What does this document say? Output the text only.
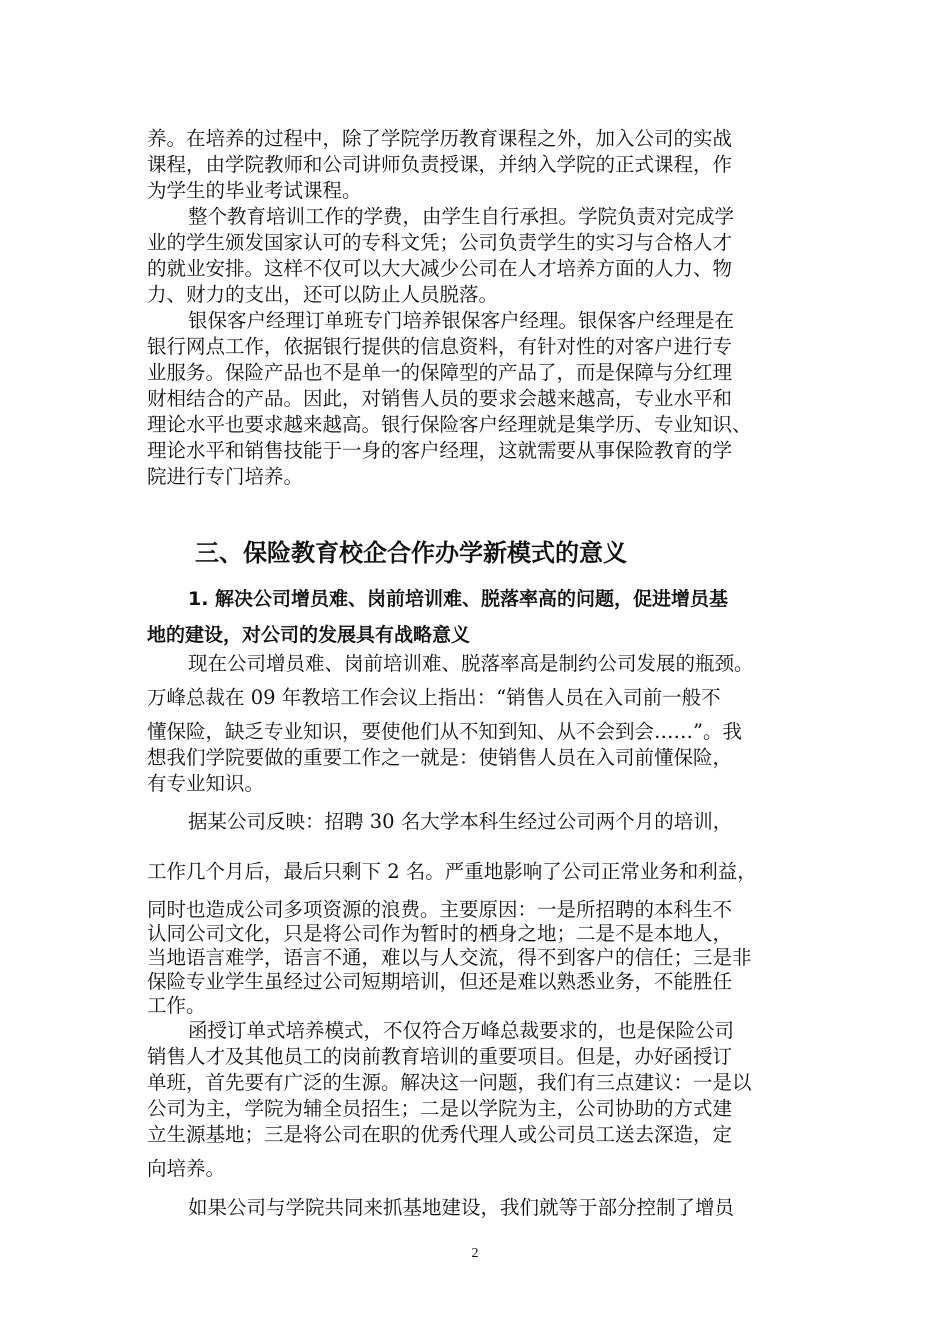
养。在培养的过程中，除了学院学历教育课程之外，加入公司的实战
课程，由学院教师和公司讲师负责授课，并纳入学院的正式课程，作
为学生的毕业考试课程。
整个教育培训工作的学费，由学生自行承担。学院负责对完成学
业的学生颁发国家认可的专科文凭；公司负责学生的实习与合格人才
的就业安排。这样不仅可以大大减少公司在人才培养方面的人力、物
力、财力的支出，还可以防止人员脱落。
银保客户经理订单班专门培养银保客户经理。银保客户经理是在
银行网点工作，依据银行提供的信息资料，有针对性的对客户进行专
业服务。保险产品也不是单一的保障型的产品了，而是保障与分红理
财相结合的产品。因此，对销售人员的要求会越来越高，专业水平和
理论水平也要求越来越高。银行保险客户经理就是集学历、专业知识、
理论水平和销售技能于一身的客户经理，这就需要从事保险教育的学
院进行专门培养。
三、保险教育校企合作办学新模式的意义
1. 解决公司增员难、岗前培训难、脱落率高的问题，促进增员基
地的建设，对公司的发展具有战略意义
现在公司增员难、岗前培训难、脱落率高是制约公司发展的瓶颈。
万峰总裁在 09 年教培工作会议上指出：“销售人员在入司前一般不
懂保险，缺乏专业知识，要使他们从不知到知、从不会到会……”。我
想我们学院要做的重要工作之一就是：使销售人员在入司前懂保险，
有专业知识。
据某公司反映：招聘 30 名大学本科生经过公司两个月的培训，
工作几个月后，最后只剩下 2 名。严重地影响了公司正常业务和利益，
同时也造成公司多项资源的浪费。主要原因：一是所招聘的本科生不
认同公司文化，只是将公司作为暂时的栖身之地；二是不是本地人，
当地语言难学，语言不通，难以与人交流，得不到客户的信任；三是非
保险专业学生虽经过公司短期培训，但还是难以熟悉业务，不能胜任
工作。
函授订单式培养模式，不仅符合万峰总裁要求的，也是保险公司
销售人才及其他员工的岗前教育培训的重要项目。但是，办好函授订
单班，首先要有广泛的生源。解决这一问题，我们有三点建议：一是以
公司为主，学院为辅全员招生；二是以学院为主，公司协助的方式建
立生源基地；三是将公司在职的优秀代理人或公司员工送去深造，定
向培养。
如果公司与学院共同来抓基地建设，我们就等于部分控制了增员
2
